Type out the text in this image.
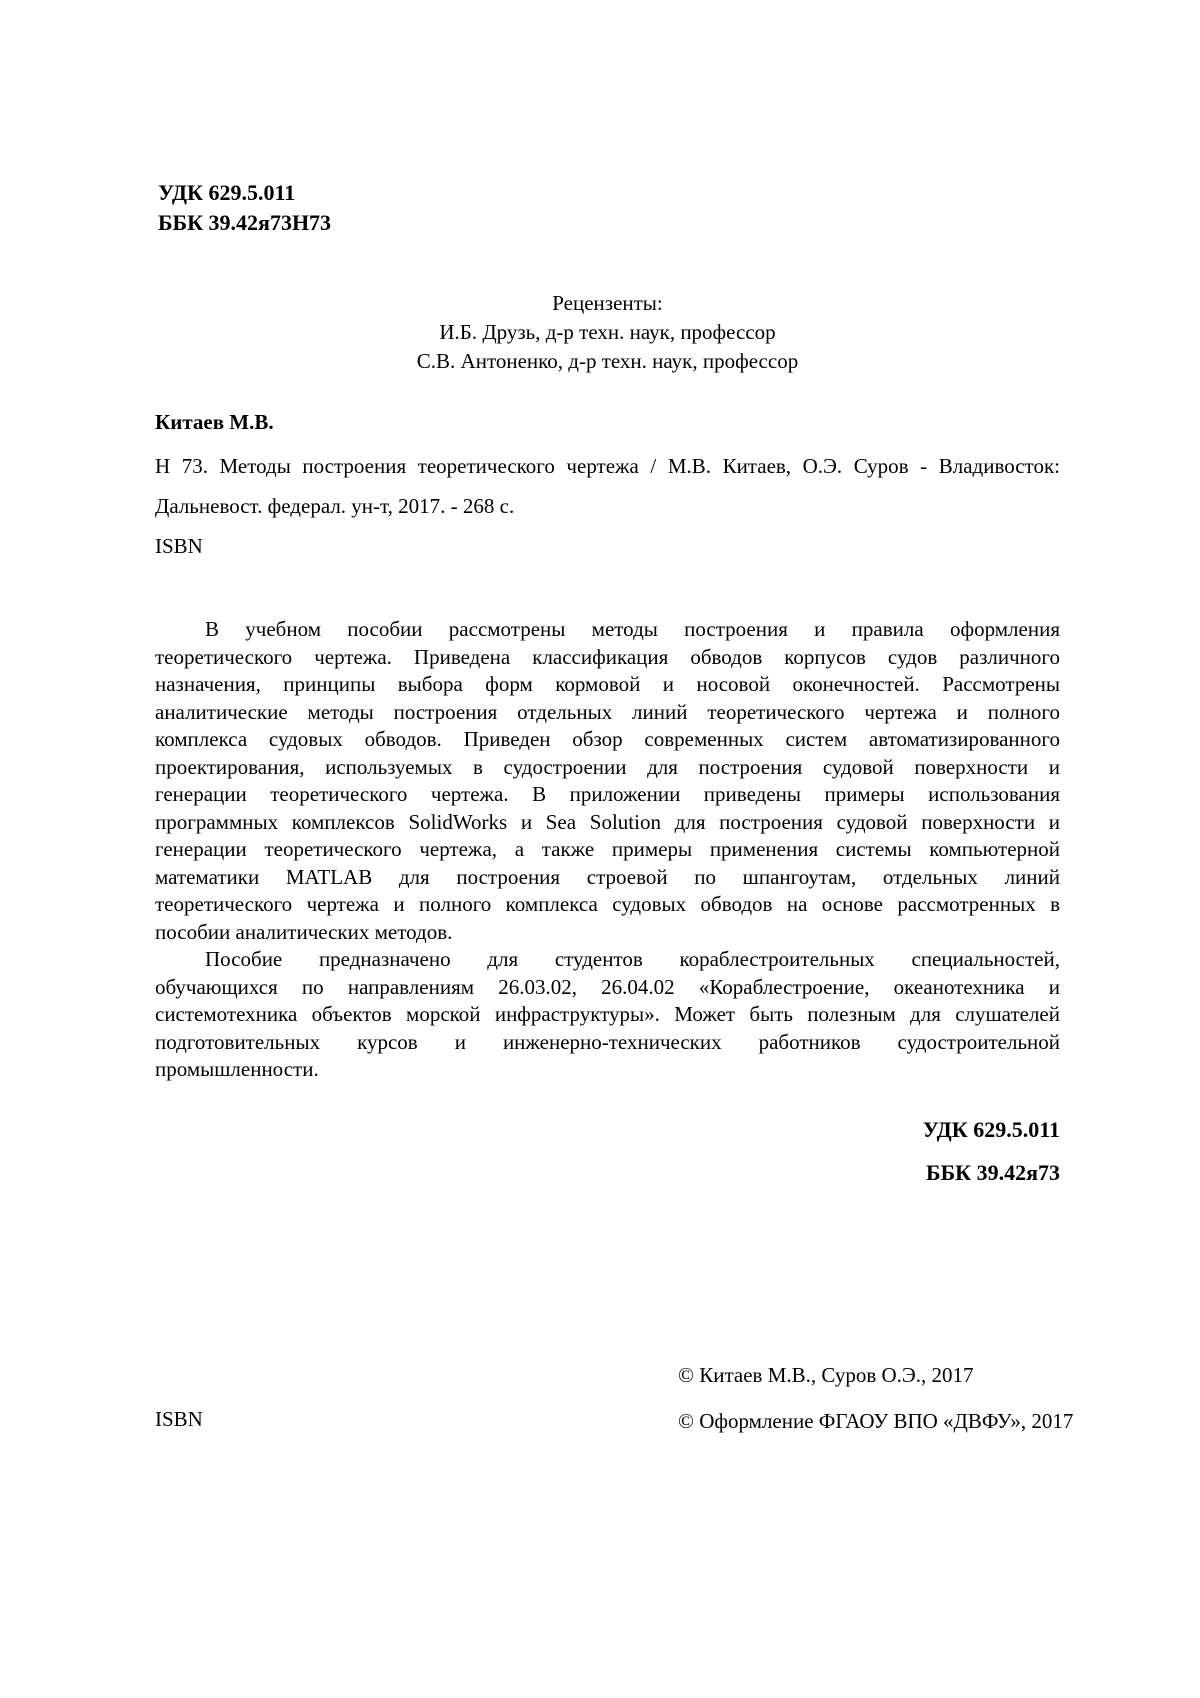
УДК 629.5.011
ББК 39.42я73Н73
Рецензенты:
И.Б. Друзь, д-р техн. наук, профессор
С.В. Антоненко, д-р техн. наук, профессор
Китаев М.В.
Н 73. Методы построения теоретического чертежа / М.В. Китаев, О.Э. Суров - Владивосток:
Дальневост. федерал. ун-т, 2017. - 268 с.
ISBN
В учебном пособии рассмотрены методы построения и правила оформления
теоретического чертежа. Приведена классификация обводов корпусов судов различного
назначения, принципы выбора форм кормовой и носовой оконечностей. Рассмотрены
аналитические методы построения отдельных линий теоретического чертежа и полного
комплекса судовых обводов. Приведен обзор современных систем автоматизированного
проектирования, используемых в судостроении для построения судовой поверхности и
генерации теоретического чертежа. В приложении приведены примеры использования
программных комплексов SolidWorks и Sea Solution для построения судовой поверхности и
генерации теоретического чертежа, а также примеры применения системы компьютерной
математики MATLAB для построения строевой по шпангоутам, отдельных линий
теоретического чертежа и полного комплекса судовых обводов на основе рассмотренных в
пособии аналитических методов.
Пособие предназначено для студентов кораблестроительных специальностей,
обучающихся по направлениям 26.03.02, 26.04.02 «Кораблестроение, океанотехника и
системотехника объектов морской инфраструктуры». Может быть полезным для слушателей
подготовительных курсов и инженерно-технических работников судостроительной
промышленности.
УДК 629.5.011
ББК 39.42я73
ISBN
© Китаев М.В., Суров О.Э., 2017
© Оформление ФГАОУ ВПО «ДВФУ», 2017
